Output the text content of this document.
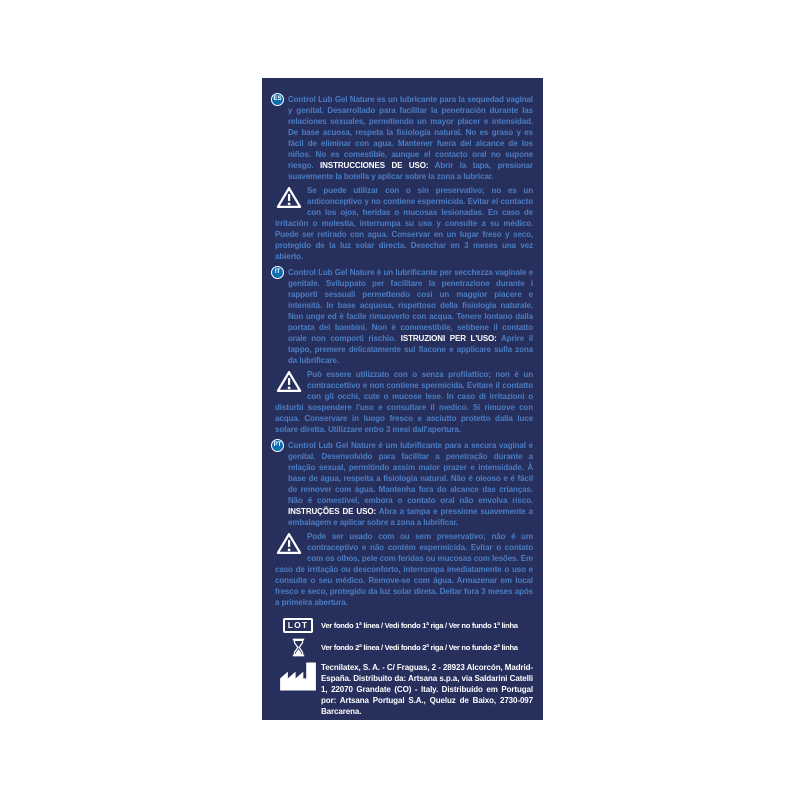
ES Control Lub Gel Nature es un lubricante para la sequedad vaginal y genital. Desarrollado para facilitar la penetración durante las relaciones sexuales, permitiendo un mayor placer e intensidad. De base acuosa, respeta la fisiología natural. No es graso y es fácil de eliminar con agua. Mantener fuera del alcance de los niños. No es comestible, aunque el contacto oral no supone riesgo. INSTRUCCIONES DE USO: Abrir la tapa, presionar suavemente la botella y aplicar sobre la zona a lubricar.

Se puede utilizar con o sin preservativo; no es un anticonceptivo y no contiene espermicida. Evitar el contacto con los ojos, heridas o mucosas lesionadas. En caso de irritación o molestia, interrumpa su uso y consulte a su médico. Puede ser retirado con agua. Conservar en un lugar freso y seco, protegido de la luz solar directa. Desechar en 3 meses una vez abierto.

IT Control Lub Gel Nature è un lubrificante per secchezza vaginale e genitale. Sviluppato per facilitare la penetrazione durante i rapporti sessuali permettendo così un maggior piacere e intensità. In base acquosa, rispettoso della fisiologia naturale. Non unge ed è facile rimuoverlo con acqua. Tenere lontano dalla portata dei bambini. Non è commestibile, sebbene il contatto orale non comporti rischio. ISTRUZIONI PER L'USO: Aprire il tappo, premere delicatamente sul flacone e applicare sulla zona da lubrificare.

Può essere utilizzato con o senza profilattico; non è un contraccettivo e non contiene spermicida. Evitare il contatto con gli occhi, cute o mucose lese. In caso di irritazioni o disturbi sospendere l'uso e consultare il medico. Si rimuove con acqua. Conservare in luogo fresco e asciutto protetto dalla luce solare diretta. Utilizzare entro 3 mesi dall'apertura.

PT Control Lub Gel Nature é um lubrificante para a secura vaginal e genital. Desenvolvido para facilitar a penetração durante a relação sexual, permitindo assim maior prazer e intensidade. À base de água, respeita a fisiologia natural. Não é oleoso e é fácil de remover com água. Mantenha fora do alcance das crianças. Não é comestível, embora o contato oral não envolva risco. INSTRUÇÕES DE USO: Abra a tampa e pressione suavemente a embalagem e aplicar sobre a zona a lubrificar.

Pode ser usado com ou sem preservativo; não é um contraceptivo e não contém espermicida. Evitar o contato com os olhos, pele com feridas ou mucosas com lesões. Em caso de irritação ou desconforto, interrompa imediatamente o uso e consulte o seu médico. Remove-se com água. Armazenar em local fresco e seco, protegido da luz solar direta. Deitar fora 3 meses após a primeira abertura.

LOT	Ver fondo 1ª línea / Vedi fondo 1ª riga / Ver no fundo 1ª linha
Ver fondo 2ª línea / Vedi fondo 2ª riga / Ver no fundo 2ª linha
Tecnilatex, S. A. - C/ Fraguas, 2 - 28923 Alcorcón, Madrid-España. Distribuito da: Artsana s.p.a, via Saldarini Catelli 1, 22070 Grandate (CO) - Italy. Distribuído em Portugal por: Artsana Portugal S.A., Queluz de Baixo, 2730-097 Barcarena.
